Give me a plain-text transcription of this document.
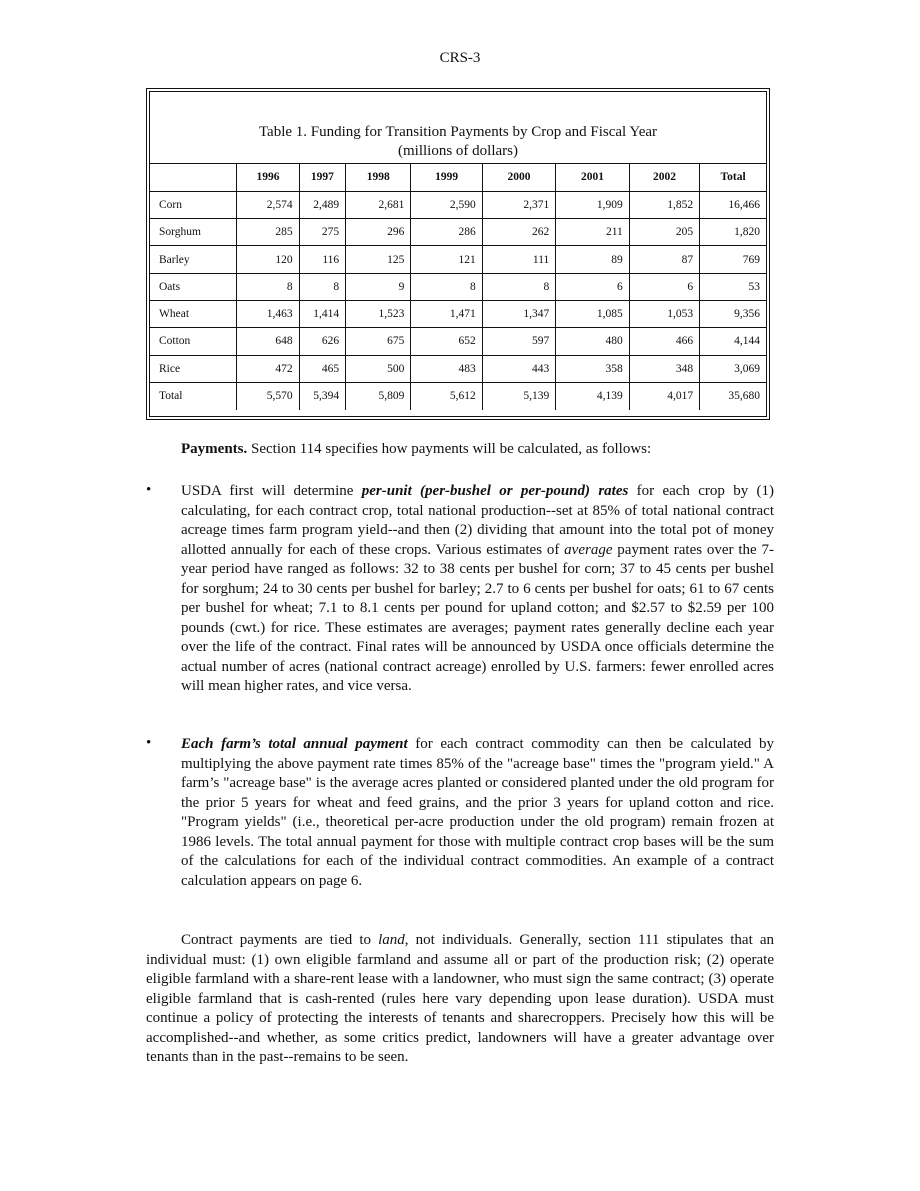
CRS-3
Table 1. Funding for Transition Payments by Crop and Fiscal Year
(millions of dollars)
	1996	1997	1998	1999	2000	2001	2002	Total
Corn	2,574	2,489	2,681	2,590	2,371	1,909	1,852	16,466
Sorghum	285	275	296	286	262	211	205	1,820
Barley	120	116	125	121	111	89	87	769
Oats	8	8	9	8	8	6	6	53
Wheat	1,463	1,414	1,523	1,471	1,347	1,085	1,053	9,356
Cotton	648	626	675	652	597	480	466	4,144
Rice	472	465	500	483	443	358	348	3,069
Total	5,570	5,394	5,809	5,612	5,139	4,139	4,017	35,680
Payments. Section 114 specifies how payments will be calculated, as follows:
• USDA first will determine per-unit (per-bushel or per-pound) rates for each crop by (1) calculating, for each contract crop, total national production--set at 85% of total national contract acreage times farm program yield--and then (2) dividing that amount into the total pot of money allotted annually for each of these crops. Various estimates of average payment rates over the 7-year period have ranged as follows: 32 to 38 cents per bushel for corn; 37 to 45 cents per bushel for sorghum; 24 to 30 cents per bushel for barley; 2.7 to 6 cents per bushel for oats; 61 to 67 cents per bushel for wheat; 7.1 to 8.1 cents per pound for upland cotton; and $2.57 to $2.59 per 100 pounds (cwt.) for rice. These estimates are averages; payment rates generally decline each year over the life of the contract. Final rates will be announced by USDA once officials determine the actual number of acres (national contract acreage) enrolled by U.S. farmers: fewer enrolled acres will mean higher rates, and vice versa.
• Each farm’s total annual payment for each contract commodity can then be calculated by multiplying the above payment rate times 85% of the "acreage base" times the "program yield." A farm’s "acreage base" is the average acres planted or considered planted under the old program for the prior 5 years for wheat and feed grains, and the prior 3 years for upland cotton and rice. "Program yields" (i.e., theoretical per-acre production under the old program) remain frozen at 1986 levels. The total annual payment for those with multiple contract crop bases will be the sum of the calculations for each of the individual contract commodities. An example of a contract calculation appears on page 6.
Contract payments are tied to land, not individuals. Generally, section 111 stipulates that an individual must: (1) own eligible farmland and assume all or part of the production risk; (2) operate eligible farmland with a share-rent lease with a landowner, who must sign the same contract; (3) operate eligible farmland that is cash-rented (rules here vary depending upon lease duration). USDA must continue a policy of protecting the interests of tenants and sharecroppers. Precisely how this will be accomplished--and whether, as some critics predict, landowners will have a greater advantage over tenants than in the past--remains to be seen.
